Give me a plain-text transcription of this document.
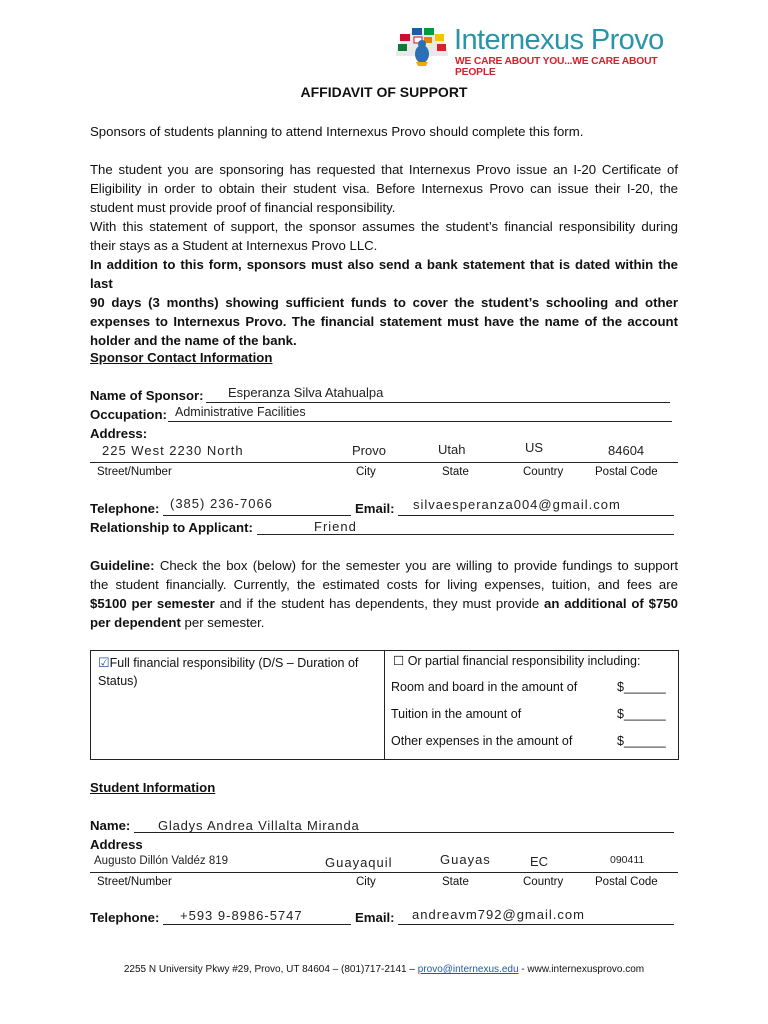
Internexus Provo
WE CARE ABOUT YOU...WE CARE ABOUT PEOPLE
AFFIDAVIT OF SUPPORT
Sponsors of students planning to attend Internexus Provo should complete this form.
The student you are sponsoring has requested that Internexus Provo issue an I-20 Certificate of
Eligibility in order to obtain their student visa. Before Internexus Provo can issue their I-20, the
student must provide proof of financial responsibility.
With this statement of support, the sponsor assumes the student’s financial responsibility during
their stays as a Student at Internexus Provo LLC.
In addition to this form, sponsors must also send a bank statement that is dated within the last
90 days (3 months) showing sufficient funds to cover the student’s schooling and other
expenses to Internexus Provo. The financial statement must have the name of the account
holder and the name of the bank.
Sponsor Contact Information
Name of Sponsor: Esperanza Silva Atahualpa
Occupation: Administrative Facilities
Address:
225 West 2230 North	Provo	Utah	US	84604
Street/Number	City	State	Country	Postal Code
Telephone: (385) 236-7066	Email: silvaesperanza004@gmail.com
Relationship to Applicant:	Friend
Guideline: Check the box (below) for the semester you are willing to provide fundings to support
the student financially. Currently, the estimated costs for living expenses, tuition, and fees are
$5100 per semester and if the student has dependents, they must provide an additional of $750
per dependent per semester.
☑Full financial responsibility (D/S – Duration of
Status)
☐ Or partial financial responsibility including:
Room and board in the amount of	$______
Tuition in the amount of	$______
Other expenses in the amount of	$______
Student Information
Name: Gladys Andrea Villalta Miranda
Address
Augusto Dillón Valdéz 819	Guayaquil	Guayas	EC	090411
Street/Number	City	State	Country	Postal Code
Telephone: +593 9-8986-5747	Email: andreavm792@gmail.com
2255 N University Pkwy #29, Provo, UT 84604 – (801)717-2141 – provo@internexus.edu - www.internexusprovo.com
